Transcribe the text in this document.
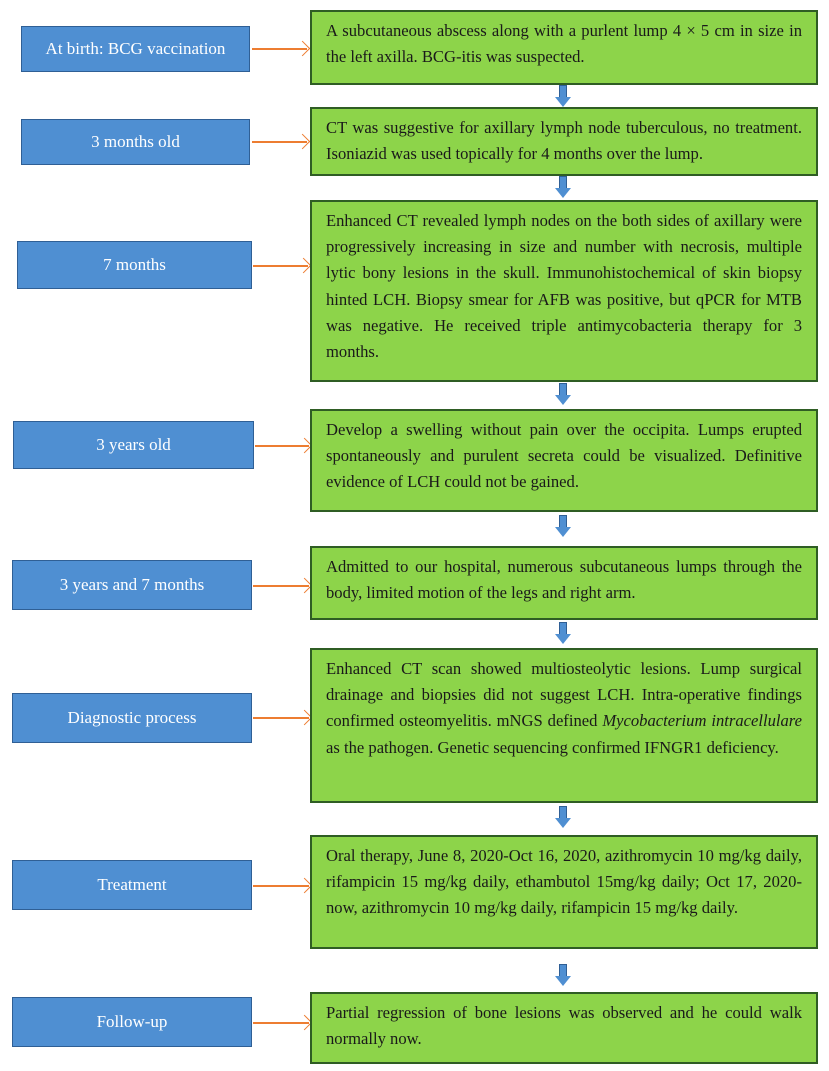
At birth: BCG vaccination
A subcutaneous abscess along with a purlent lump 4 × 5 cm in size in the left axilla. BCG-itis was suspected.
3 months old
CT was suggestive for axillary lymph node tuberculous, no treatment. Isoniazid was used topically for 4 months over the lump.
7 months
Enhanced CT revealed lymph nodes on the both sides of axillary were progressively increasing in size and number with necrosis, multiple lytic bony lesions in the skull. Immunohistochemical of skin biopsy hinted LCH. Biopsy smear for AFB was positive, but qPCR for MTB was negative. He received triple antimycobacteria therapy for 3 months.
3 years old
Develop a swelling without pain over the occipita. Lumps erupted spontaneously and purulent secreta could be visualized. Definitive evidence of LCH could not be gained.
3 years and 7 months
Admitted to our hospital, numerous subcutaneous lumps through the body, limited motion of the legs and right arm.
Diagnostic process
Enhanced CT scan showed multiosteolytic lesions. Lump surgical drainage and biopsies did not suggest LCH. Intra-operative findings confirmed osteomyelitis. mNGS defined Mycobacterium intracellulare as the pathogen. Genetic sequencing confirmed IFNGR1 deficiency.
Treatment
Oral therapy, June 8, 2020-Oct 16, 2020, azithromycin 10 mg/kg daily, rifampicin 15 mg/kg daily, ethambutol 15mg/kg daily; Oct 17, 2020-now, azithromycin 10 mg/kg daily, rifampicin 15 mg/kg daily.
Follow-up	Partial regression of bone lesions was observed and he could walk normally now.
